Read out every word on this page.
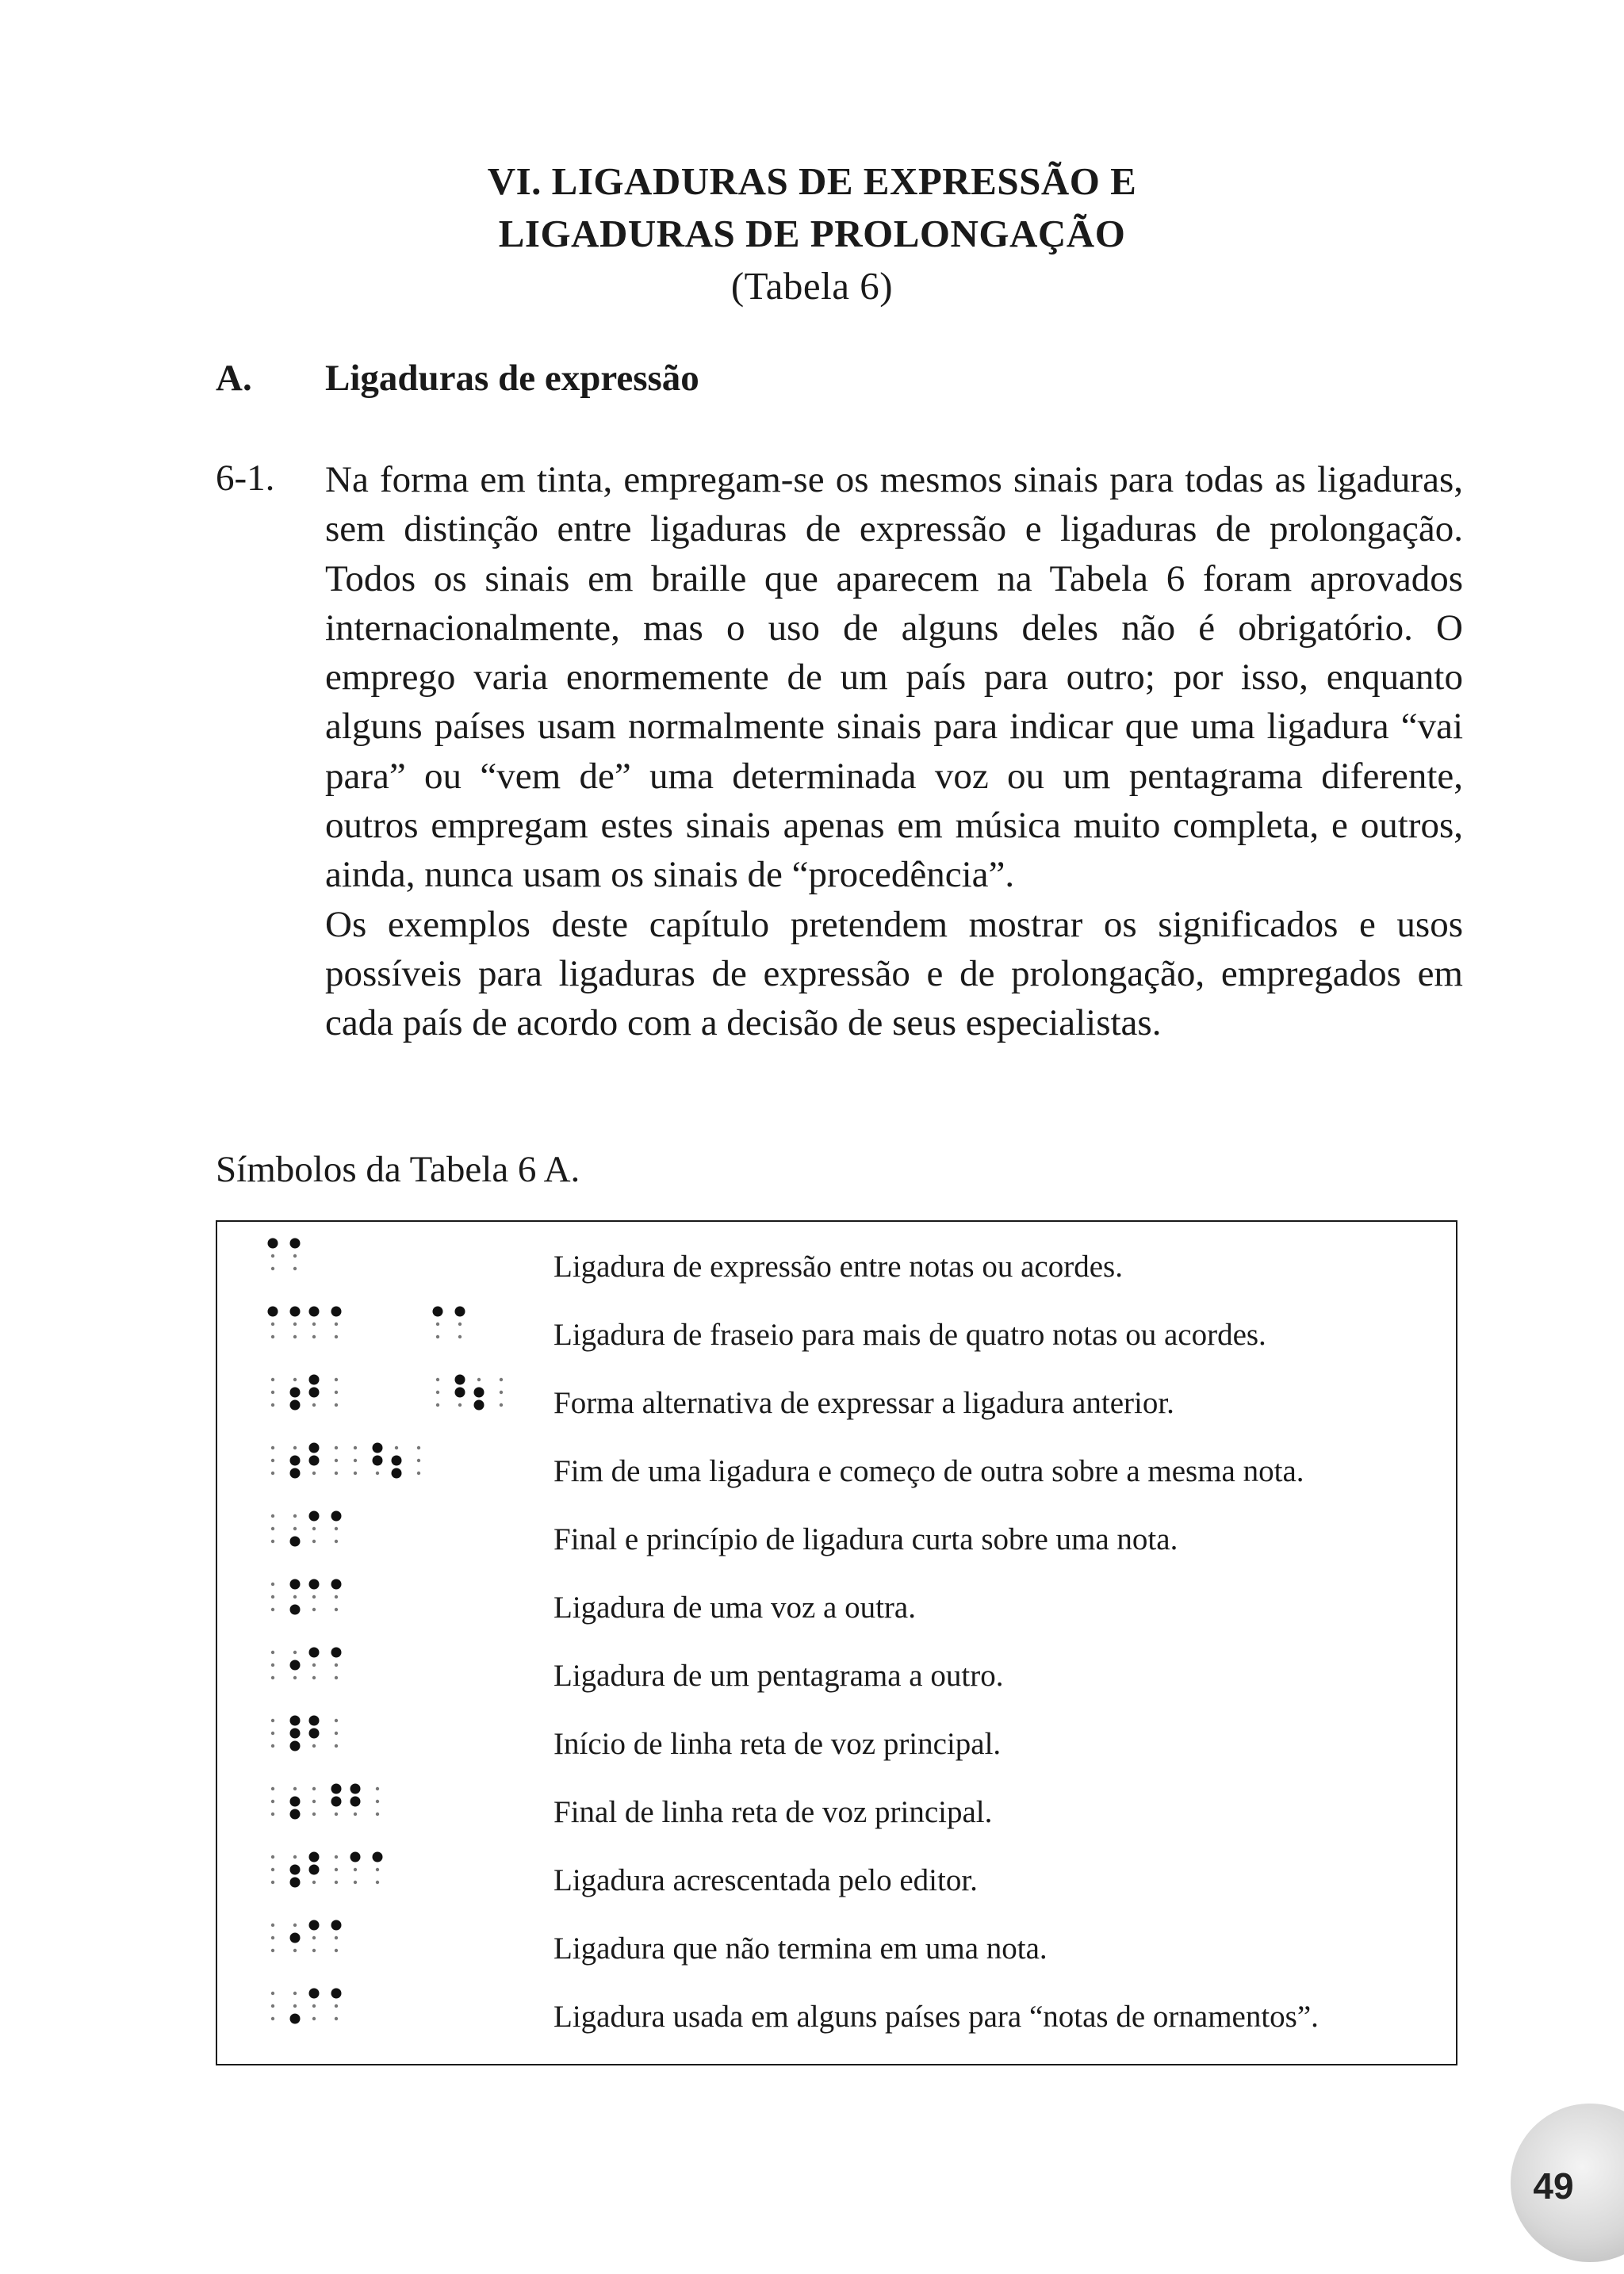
VI. LIGADURAS DE EXPRESSÃO E
LIGADURAS DE PROLONGAÇÃO
(Tabela 6)
A. Ligaduras de expressão
6-1. Na forma em tinta, empregam-se os mesmos sinais para todas as ligaduras, sem distinção entre ligaduras de expressão e ligaduras de prolongação. Todos os sinais em braille que aparecem na Tabela 6 foram aprovados internacionalmente, mas o uso de alguns deles não é obrigatório. O emprego varia enormemente de um país para outro; por isso, enquanto alguns países usam normalmente sinais para indicar que uma ligadura “vai para” ou “vem de” uma determinada voz ou um pentagrama diferente, outros empregam estes sinais apenas em música muito completa, e outros, ainda, nunca usam os sinais de “procedência”.

Os exemplos deste capítulo pretendem mostrar os significados e usos possíveis para ligaduras de expressão e de prolongação, empregados em cada país de acordo com a decisão de seus especialistas.

Símbolos da Tabela 6 A.
Ligadura de expressão entre notas ou acordes.
Ligadura de fraseio para mais de quatro notas ou acordes.
Forma alternativa de expressar a ligadura anterior.
Fim de uma ligadura e começo de outra sobre a mesma nota.
Final e princípio de ligadura curta sobre uma nota.
Ligadura de uma voz a outra.
Ligadura de um pentagrama a outro.
Início de linha reta de voz principal.
Final de linha reta de voz principal.
Ligadura acrescentada pelo editor.
Ligadura que não termina em uma nota.
Ligadura usada em alguns países para “notas de ornamentos”.
49
